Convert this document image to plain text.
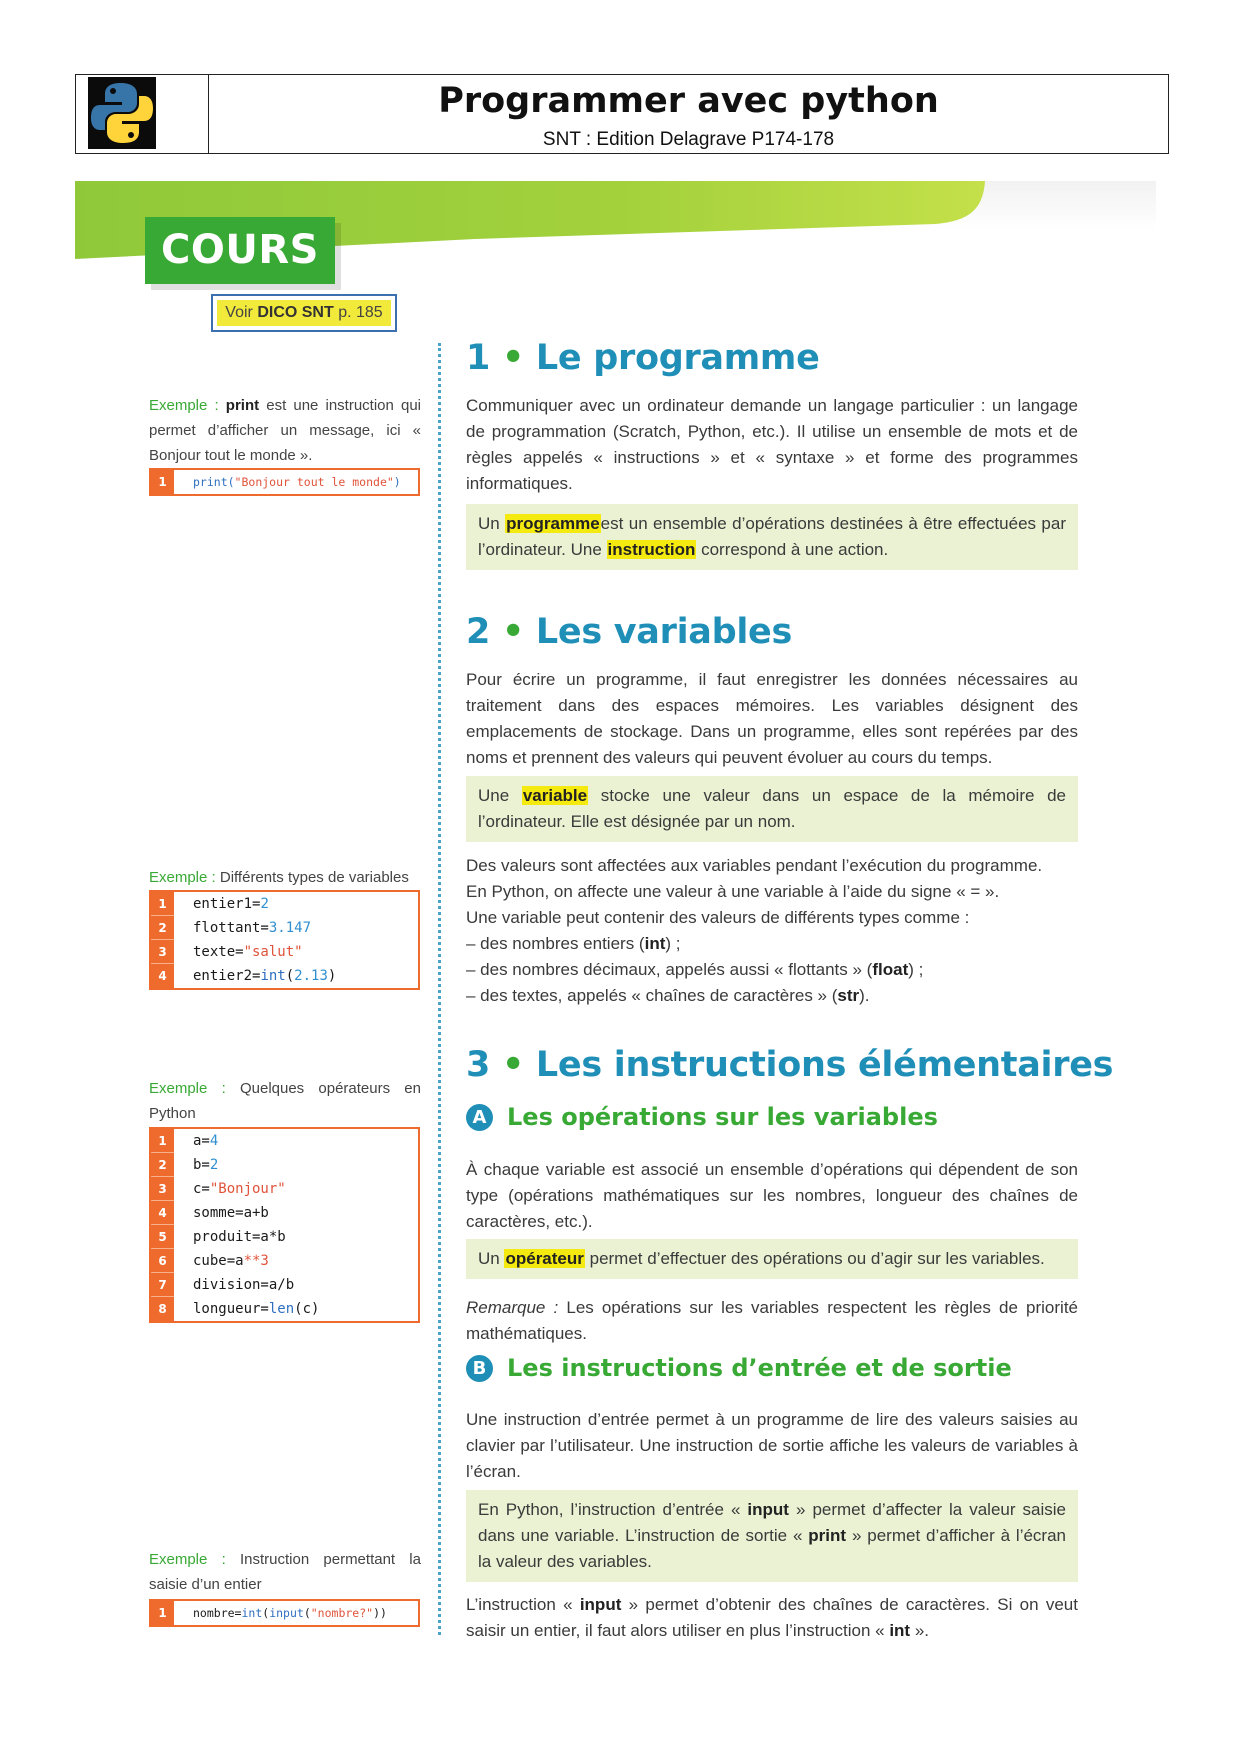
Programmer avec python
SNT : Edition Delagrave P174-178
COURS
Voir DICO SNT p. 185
Exemple : print est une instruction qui permet d’afficher un message, ici « Bonjour tout le monde ».
1	print("Bonjour tout le monde")
Exemple : Différents types de variables
1	entier1=2
2	flottant=3.147
3	texte="salut"
4	entier2=int(2.13)
Exemple : Quelques opérateurs en Python
1	a=4
2	b=2
3	c="Bonjour"
4	somme=a+b
5	produit=a*b
6	cube=a**3
7	division=a/b
8	longueur=len(c)
Exemple : Instruction permettant la saisie d’un entier
1	nombre=int(input("nombre?"))
1 • Le programme
Communiquer avec un ordinateur demande un langage particulier : un langage de programmation (Scratch, Python, etc.). Il utilise un ensemble de mots et de règles appelés « instructions » et « syntaxe » et forme des programmes informatiques.
Un programmeest un ensemble d’opérations destinées à être effectuées par l’ordinateur. Une instruction correspond à une action.
2 • Les variables
Pour écrire un programme, il faut enregistrer les données nécessaires au traitement dans des espaces mémoires. Les variables désignent des emplacements de stockage. Dans un programme, elles sont repérées par des noms et prennent des valeurs qui peuvent évoluer au cours du temps.
Une variable stocke une valeur dans un espace de la mémoire de l’ordinateur. Elle est désignée par un nom.
Des valeurs sont affectées aux variables pendant l’exécution du programme.
En Python, on affecte une valeur à une variable à l’aide du signe « = ».
Une variable peut contenir des valeurs de différents types comme :
– des nombres entiers (int) ;
– des nombres décimaux, appelés aussi « flottants » (float) ;
– des textes, appelés « chaînes de caractères » (str).
3 • Les instructions élémentaires
A Les opérations sur les variables
À chaque variable est associé un ensemble d’opérations qui dépendent de son type (opérations mathématiques sur les nombres, longueur des chaînes de caractères, etc.).
Un opérateur permet d’effectuer des opérations ou d’agir sur les variables.
Remarque : Les opérations sur les variables respectent les règles de priorité mathématiques.
B Les instructions d’entrée et de sortie
Une instruction d’entrée permet à un programme de lire des valeurs saisies au clavier par l’utilisateur. Une instruction de sortie affiche les valeurs de variables à l’écran.
En Python, l’instruction d’entrée « input » permet d’affecter la valeur saisie dans une variable. L’instruction de sortie « print » permet d’afficher à l’écran la valeur des variables.
L’instruction « input » permet d’obtenir des chaînes de caractères. Si on veut saisir un entier, il faut alors utiliser en plus l’instruction « int ».
